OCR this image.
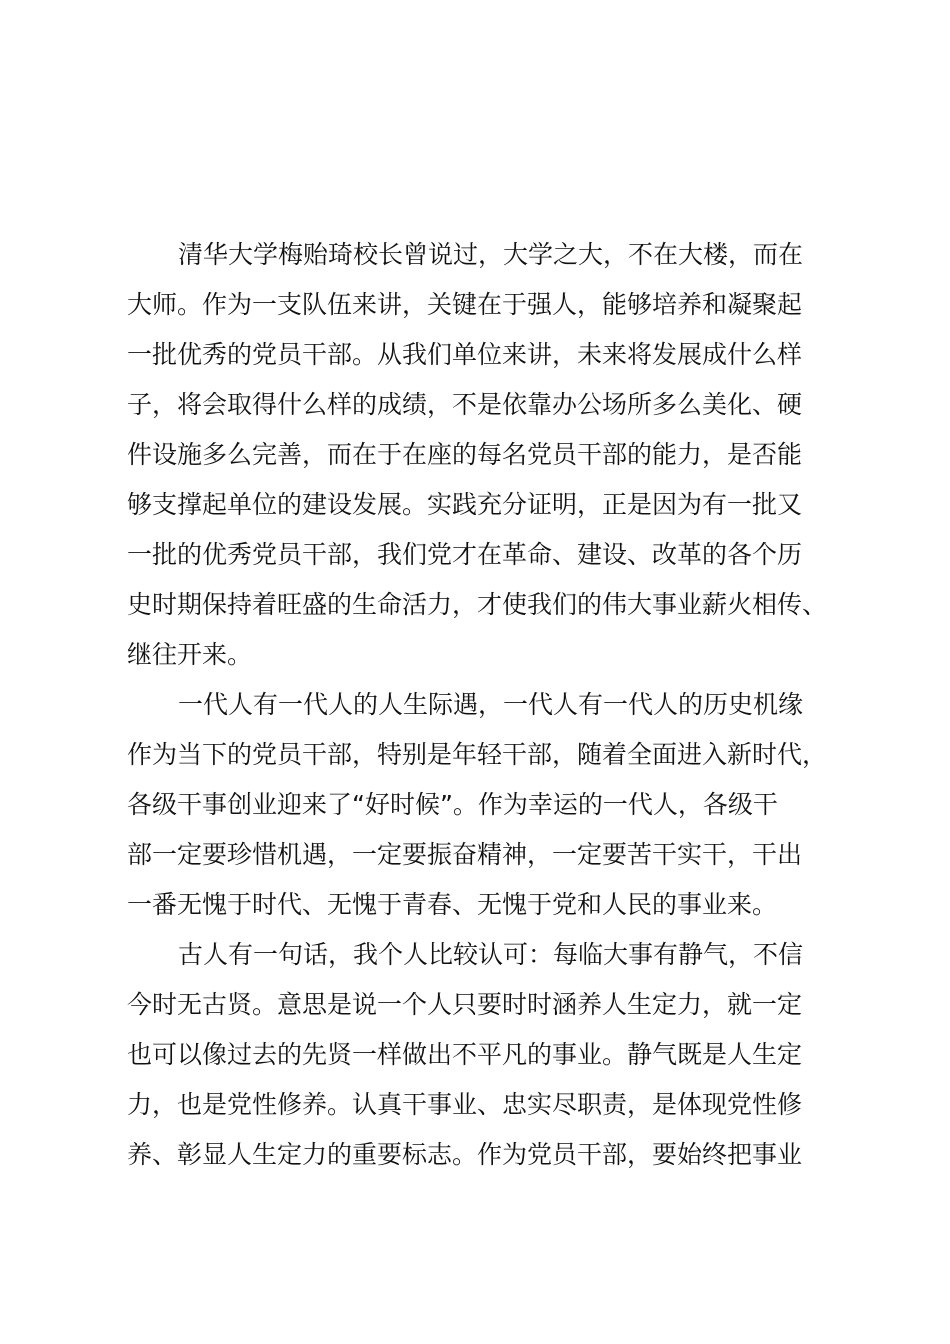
清华大学梅贻琦校长曾说过，大学之大，不在大楼，而在
大师。作为一支队伍来讲，关键在于强人，能够培养和凝聚起
一批优秀的党员干部。从我们单位来讲，未来将发展成什么样
子，将会取得什么样的成绩，不是依靠办公场所多么美化、硬
件设施多么完善，而在于在座的每名党员干部的能力，是否能
够支撑起单位的建设发展。实践充分证明，正是因为有一批又
一批的优秀党员干部，我们党才在革命、建设、改革的各个历
史时期保持着旺盛的生命活力，才使我们的伟大事业薪火相传、
继往开来。
一代人有一代人的人生际遇，一代人有一代人的历史机缘
作为当下的党员干部，特别是年轻干部，随着全面进入新时代，
各级干事创业迎来了“好时候”。作为幸运的一代人，各级干
部一定要珍惜机遇，一定要振奋精神，一定要苦干实干，干出
一番无愧于时代、无愧于青春、无愧于党和人民的事业来。
古人有一句话，我个人比较认可：每临大事有静气，不信
今时无古贤。意思是说一个人只要时时涵养人生定力，就一定
也可以像过去的先贤一样做出不平凡的事业。静气既是人生定
力，也是党性修养。认真干事业、忠实尽职责，是体现党性修
养、彰显人生定力的重要标志。作为党员干部，要始终把事业
